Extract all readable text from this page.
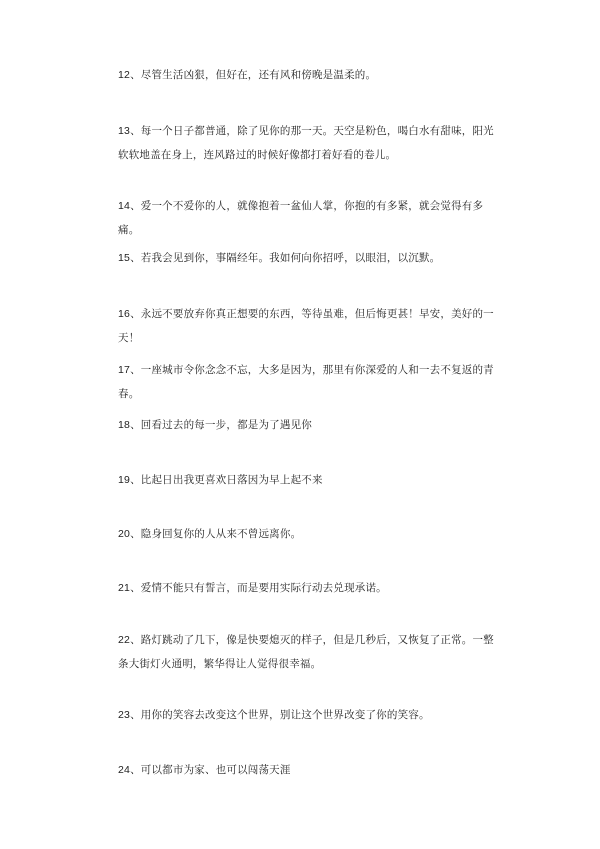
12、尽管生活凶狠，但好在，还有风和傍晚是温柔的。

13、每一个日子都普通，除了见你的那一天。天空是粉色，喝白水有甜味，阳光软软地盖在身上，连风路过的时候好像都打着好看的卷儿。

14、爱一个不爱你的人，就像抱着一盆仙人掌，你抱的有多紧，就会觉得有多痛。

15、若我会见到你，事隔经年。我如何向你招呼，以眼泪，以沉默。

16、永远不要放弃你真正想要的东西，等待虽难，但后悔更甚！早安，美好的一天！

17、一座城市令你念念不忘，大多是因为，那里有你深爱的人和一去不复返的青春。

18、回看过去的每一步，都是为了遇见你

19、比起日出我更喜欢日落因为早上起不来

20、隐身回复你的人从来不曾远离你。

21、爱情不能只有誓言，而是要用实际行动去兑现承诺。

22、路灯跳动了几下，像是快要熄灭的样子，但是几秒后，又恢复了正常。一整条大街灯火通明，繁华得让人觉得很幸福。

23、用你的笑容去改变这个世界，别让这个世界改变了你的笑容。

24、可以都市为家、也可以闯荡天涯
